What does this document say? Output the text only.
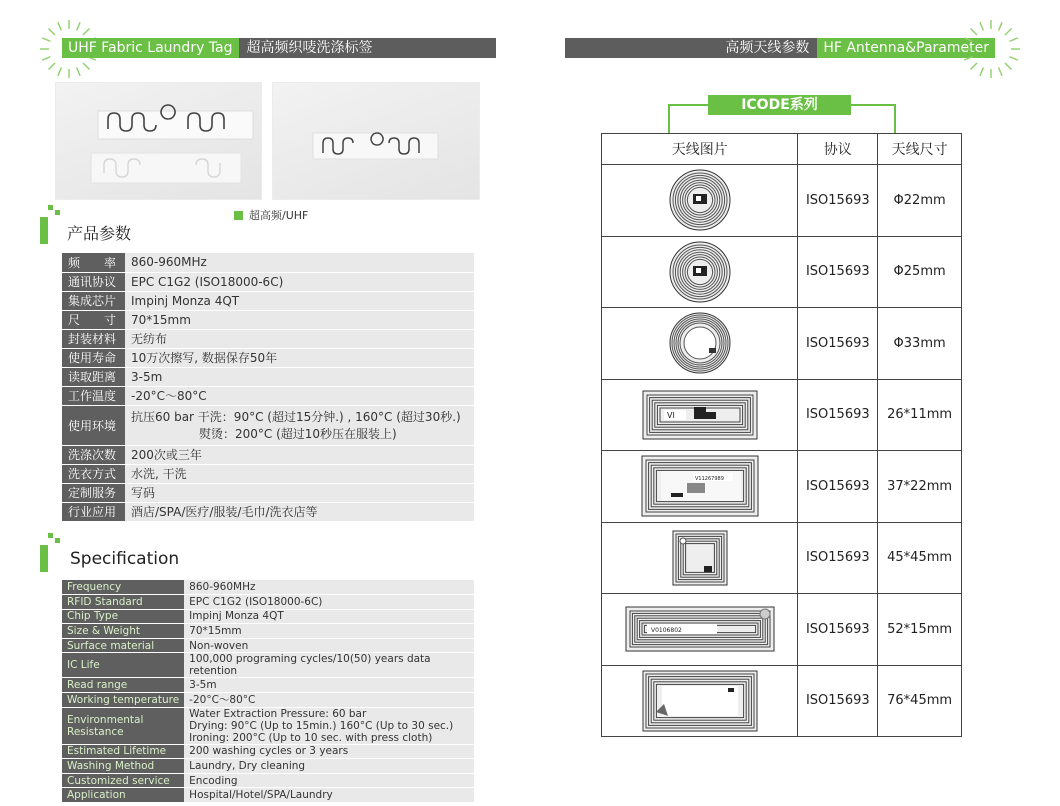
UHF Fabric Laundry Tag	超高频织唛洗涤标签
超高频/UHF
产品参数
频　　率	860-960MHz

通讯协议	EPC C1G2 (ISO18000-6C)

集成芯片	Impinj Monza 4QT

尺　　寸	70*15mm

封装材料	无纺布

使用寿命	10万次擦写, 数据保存50年

读取距离	3-5m

工作温度	-20°C～80°C

使用环境	抗压60 bar 干洗：90°C (超过15分钟.) , 160°C (超过30秒.)
熨烫：200°C (超过10秒压在服装上)

洗涤次数	200次或三年

洗衣方式	水洗, 干洗

定制服务	写码

行业应用	酒店/SPA/医疗/服装/毛巾/洗衣店等
Specification
Frequency	860-960MHz

RFID Standard	EPC C1G2 (ISO18000-6C)

Chip Type	Impinj Monza 4QT

Size & Weight	70*15mm

Surface material	Non-woven

IC Life	100,000 programing cycles/10(50) years data retention

Read range	3-5m

Working temperature	-20°C～80°C

Environmental Resistance	Water Extraction Pressure: 60 bar
Drying: 90°C (Up to 15min.) 160°C (Up to 30 sec.)
Ironing: 200°C (Up to 10 sec. with press cloth)

Estimated Lifetime	200 washing cycles or 3 years

Washing Method	Laundry, Dry cleaning

Customized service	Encoding

Application	Hospital/Hotel/SPA/Laundry
高频天线参数	HF Antenna&Parameter
ICODE系列
天线图片	协议	天线尺寸

	ISO15693	Φ22mm

	ISO15693	Φ25mm

	ISO15693	Φ33mm

VI	ISO15693	26*11mm

V11267989	ISO15693	37*22mm

	ISO15693	45*45mm

V0106802	ISO15693	52*15mm

	ISO15693	76*45mm
